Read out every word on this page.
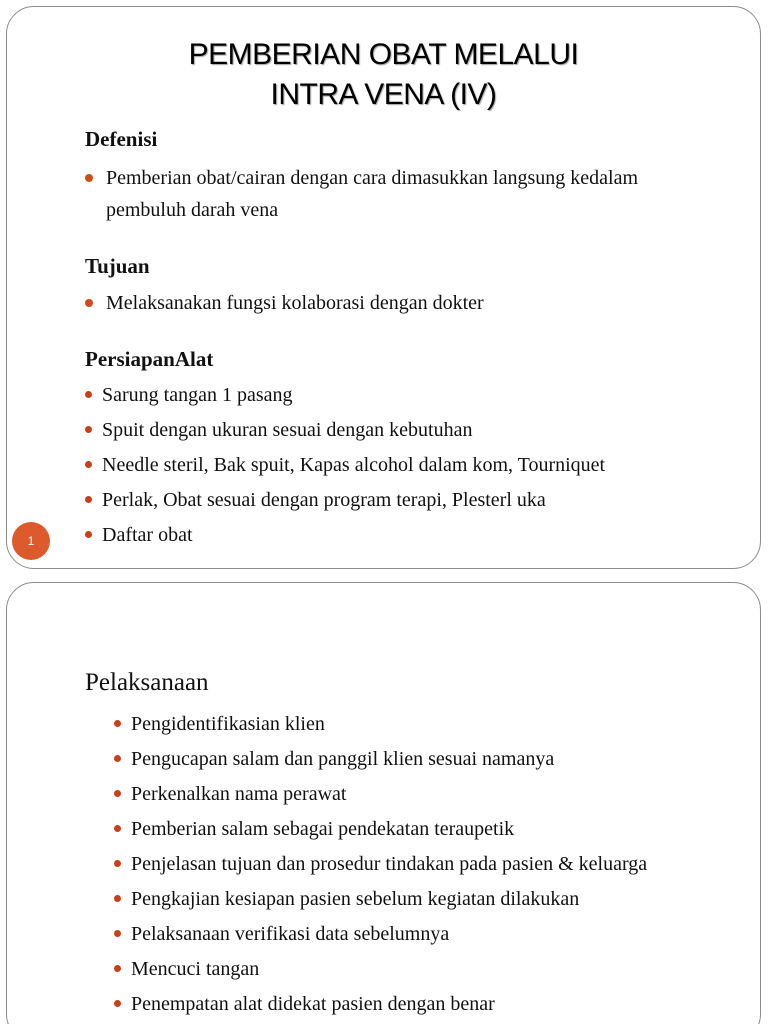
PEMBERIAN OBAT MELALUI
INTRA VENA (IV)
Defenisi
Pemberian obat/cairan dengan cara dimasukkan langsung kedalam
pembuluh darah vena
Tujuan
Melaksanakan fungsi kolaborasi dengan dokter
PersiapanAlat
Sarung tangan 1 pasang
Spuit dengan ukuran sesuai dengan kebutuhan
Needle steril, Bak spuit, Kapas alcohol dalam kom, Tourniquet
Perlak, Obat sesuai dengan program terapi, Plesterl uka
Daftar obat
1
Pelaksanaan
Pengidentifikasian klien
Pengucapan salam dan panggil klien sesuai namanya
Perkenalkan nama perawat
Pemberian salam sebagai pendekatan teraupetik
Penjelasan tujuan dan prosedur tindakan pada pasien & keluarga
Pengkajian kesiapan pasien sebelum kegiatan dilakukan
Pelaksanaan verifikasi data sebelumnya
Mencuci tangan
Penempatan alat didekat pasien dengan benar
